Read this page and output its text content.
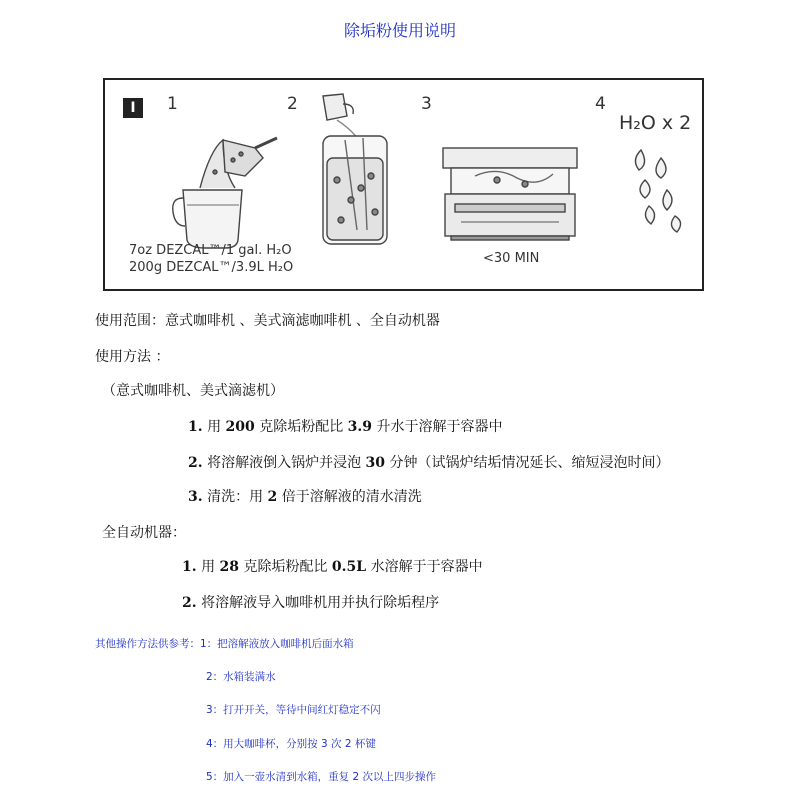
除垢粉使用说明
I	1	2	3	4
H₂O x 2
7oz DEZCAL™/1 gal. H₂O
200g DEZCAL™/3.9L H₂O
<30 MIN
使用范围：意式咖啡机 、美式滴滤咖啡机 、全自动机器
使用方法 ：
（意式咖啡机、美式滴滤机）
1. 用 200 克除垢粉配比 3.9 升水于溶解于容器中
2. 将溶解液倒入锅炉并浸泡 30 分钟（试锅炉结垢情况延长、缩短浸泡时间）
3. 清洗：用 2 倍于溶解液的清水清洗
全自动机器：
1. 用 28 克除垢粉配比 0.5L 水溶解于于容器中
2. 将溶解液导入咖啡机用并执行除垢程序
其他操作方法供参考：1：把溶解液放入咖啡机后面水箱
2：水箱装满水
3：打开开关，等待中间红灯稳定不闪
4：用大咖啡杯，分别按 3 次 2 杯键
5：加入一壶水清到水箱，重复 2 次以上四步操作
